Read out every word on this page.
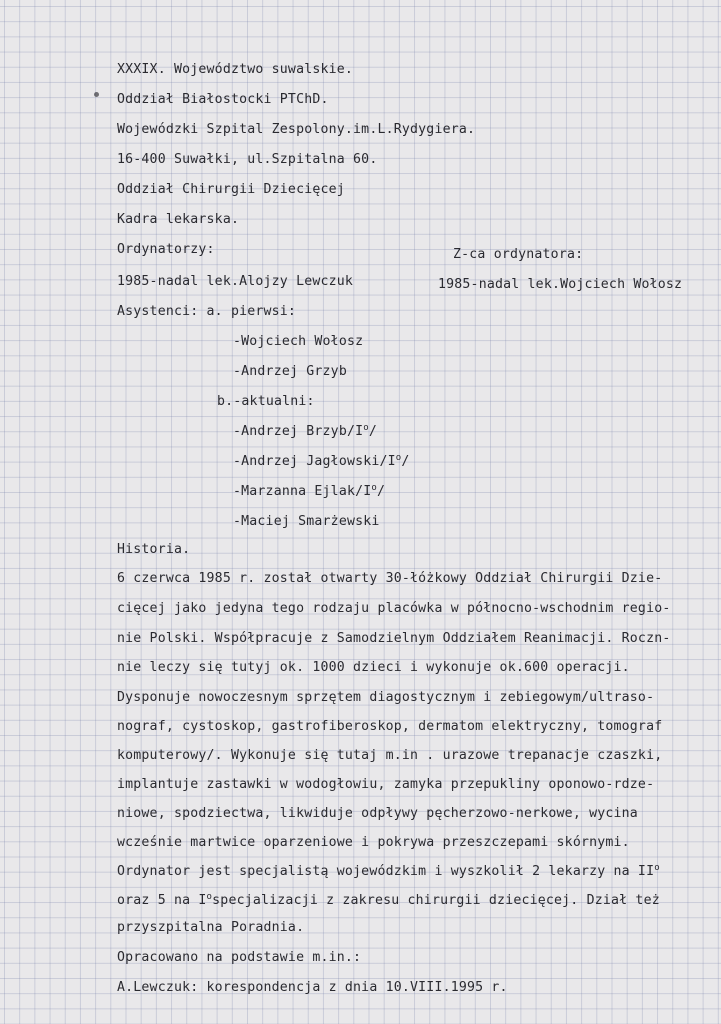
XXXIX. Województwo suwalskie.
Oddział Białostocki PTChD.
Wojewódzki Szpital Zespolony.im.L.Rydygiera.
16-400 Suwałki, ul.Szpitalna 60.
Oddział Chirurgii Dziecięcej
Kadra lekarska.
Ordynatorzy:	Z-ca ordynatora:
1985-nadal lek.Alojzy Lewczuk	1985-nadal lek.Wojciech Wołosz
Asystenci: a. pierwsi:
-Wojciech Wołosz
-Andrzej Grzyb
b.-aktualni:
-Andrzej Brzyb/$I^o/$
-Andrzej Jagłowski/$I^o/$
-Marzanna Ejlak/$I^o/$
-Maciej Smarżewski
Historia.
6 czerwca 1985 r. został otwarty 30-łóżkowy Oddział Chirurgii Dzie-
cięcej jako jedyna tego rodzaju placówka w północno-wschodnim regio-
nie Polski. Współpracuje z Samodzielnym Oddziałem Reanimacji. Roczn-
nie leczy się tutyj ok. 1000 dzieci i wykonuje ok.600 operacji.
Dysponuje nowoczesnym sprzętem diagostycznym i zebiegowym/ultraso-
nograf, cystoskop, gastrofiberoskop, dermatom elektryczny, tomograf
komputerowy/. Wykonuje się tutaj m.in . urazowe trepanacje czaszki,
implantuje zastawki w wodogłowiu, zamyka przepukliny oponowo-rdze-
niowe, spodziectwa, likwiduje odpływy pęcherzowo-nerkowe, wycina
wcześnie martwice oparzeniowe i pokrywa przeszczepami skórnymi.
Ordynator jest specjalistą wojewódzkim i wyszkolił 2 lekarzy na $II^o$
oraz 5 na $I^ospecjalizacji$ z zakresu chirurgii dziecięcej. Dział też
przyszpitalna Poradnia.
Opracowano na podstawie m.in.:
A.Lewczuk: korespondencja z dnia 10.VIII.1995 r.
